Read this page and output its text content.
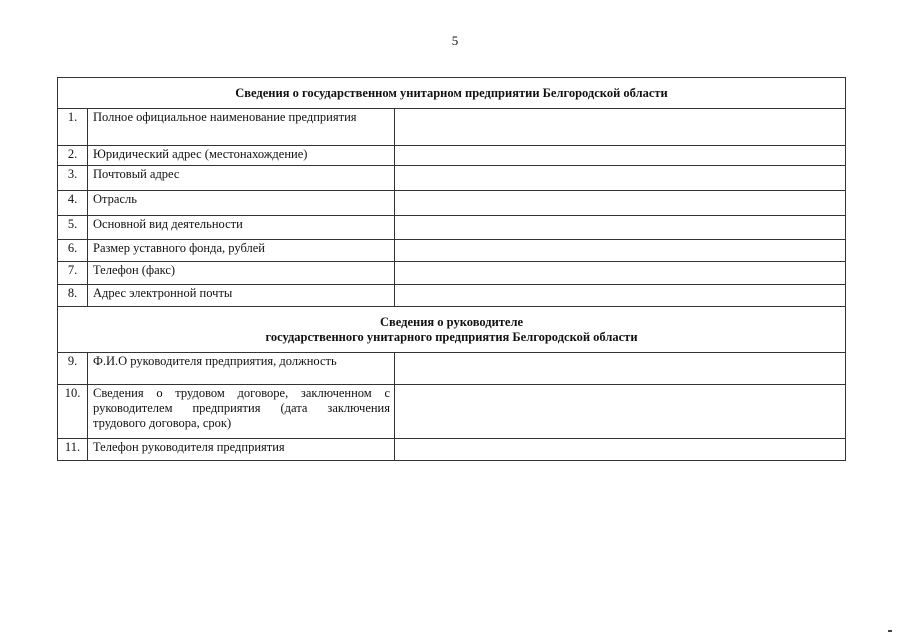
5
Сведения о государственном унитарном предприятии Белгородской области		
1.	Полное официальное наименование предприятия	
2.	Юридический адрес (местонахождение)	
3.	Почтовый адрес	
4.	Отрасль	
5.	Основной вид деятельности	
6.	Размер уставного фонда, рублей	
7.	Телефон (факс)	
8.	Адрес электронной почты	

Сведения о руководителе
государственного унитарного предприятия Белгородской области		

9.	Ф.И.О руководителя предприятия, должность	
10.	Сведения о трудовом договоре, заключенном с руководителем предприятия (дата заключения трудового договора, срок)	
11.	Телефон руководителя предприятия	
